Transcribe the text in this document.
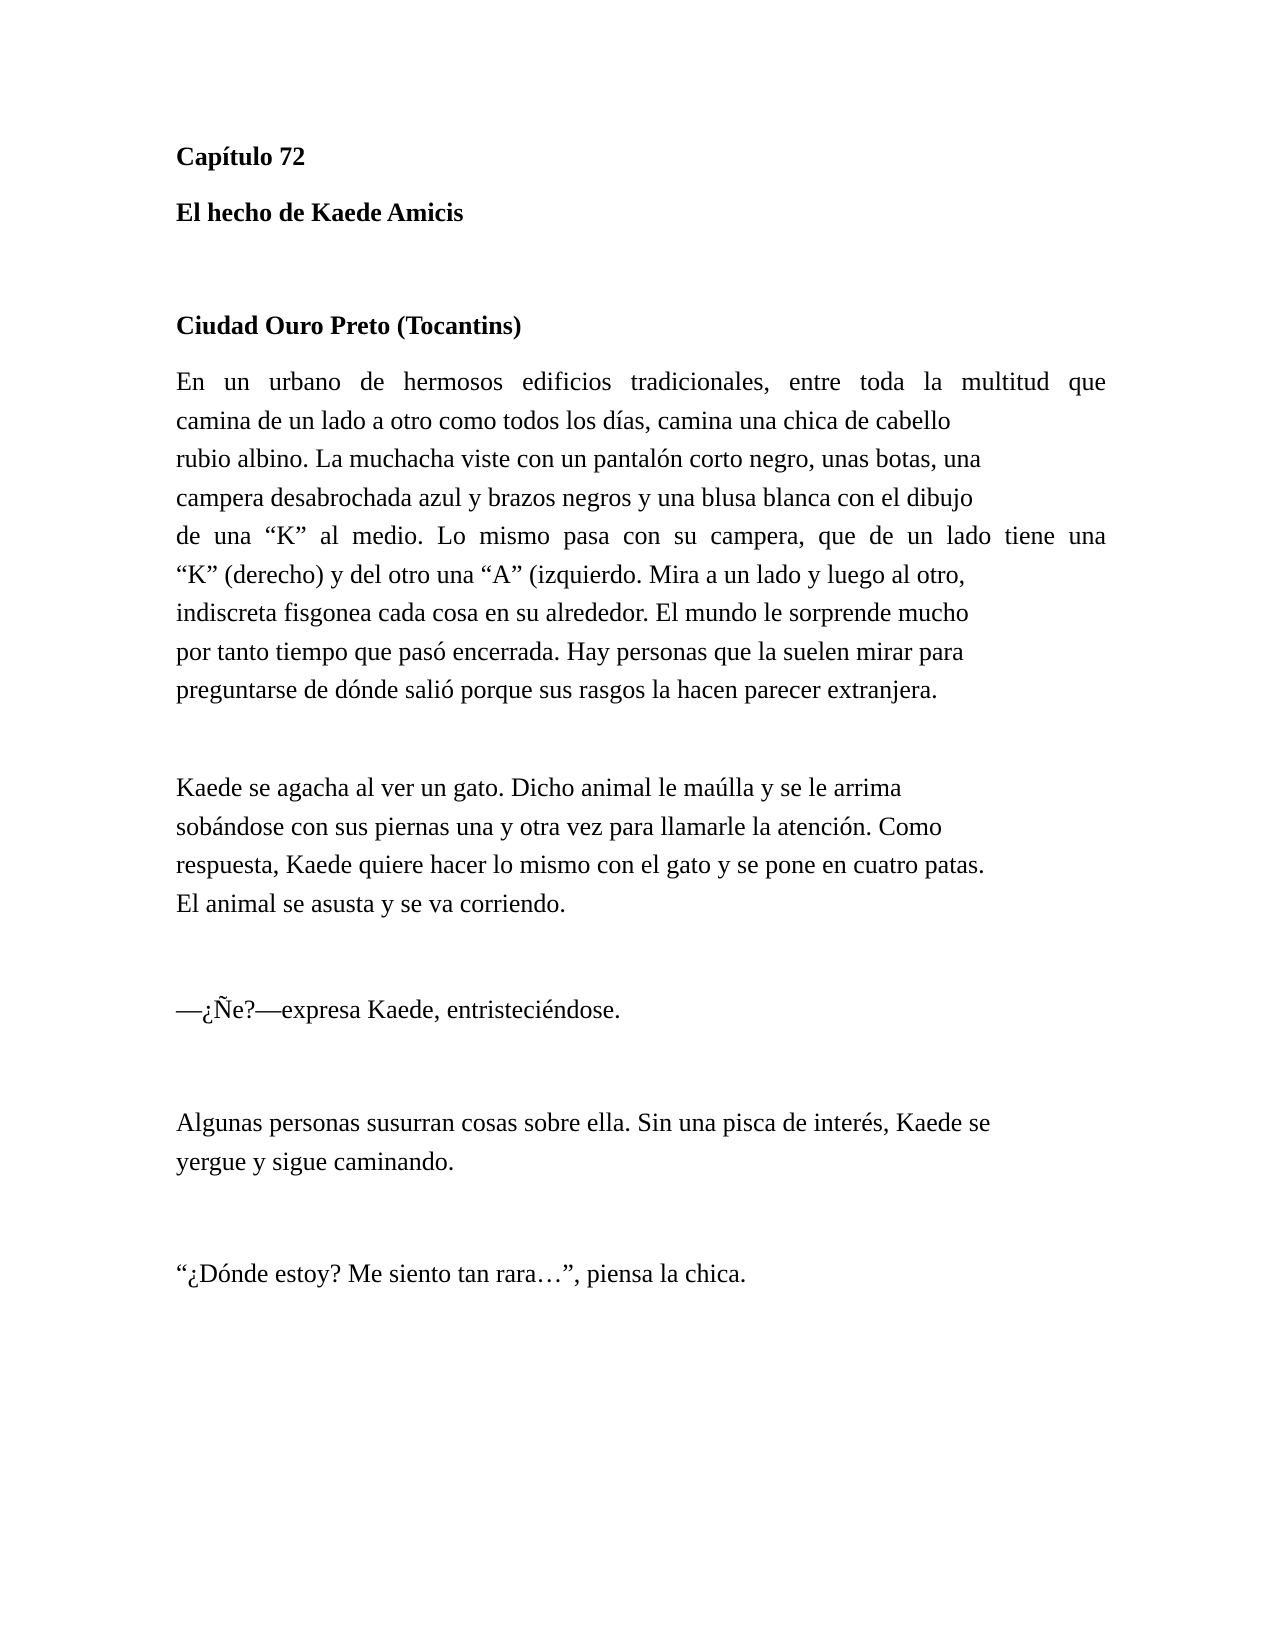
Capítulo 72
El hecho de Kaede Amicis
Ciudad Ouro Preto (Tocantins)
En un urbano de hermosos edificios tradicionales, entre toda la multitud que
camina de un lado a otro como todos los días, camina una chica de cabello
rubio albino. La muchacha viste con un pantalón corto negro, unas botas, una
campera desabrochada azul y brazos negros y una blusa blanca con el dibujo
de una “K” al medio. Lo mismo pasa con su campera, que de un lado tiene una
“K” (derecho) y del otro una “A” (izquierdo. Mira a un lado y luego al otro,
indiscreta fisgonea cada cosa en su alrededor. El mundo le sorprende mucho
por tanto tiempo que pasó encerrada. Hay personas que la suelen mirar para
preguntarse de dónde salió porque sus rasgos la hacen parecer extranjera.
Kaede se agacha al ver un gato. Dicho animal le maúlla y se le arrima
sobándose con sus piernas una y otra vez para llamarle la atención. Como
respuesta, Kaede quiere hacer lo mismo con el gato y se pone en cuatro patas.
El animal se asusta y se va corriendo.
—¿Ñe?—expresa Kaede, entristeciéndose.
Algunas personas susurran cosas sobre ella. Sin una pisca de interés, Kaede se
yergue y sigue caminando.
“¿Dónde estoy? Me siento tan rara…”, piensa la chica.
